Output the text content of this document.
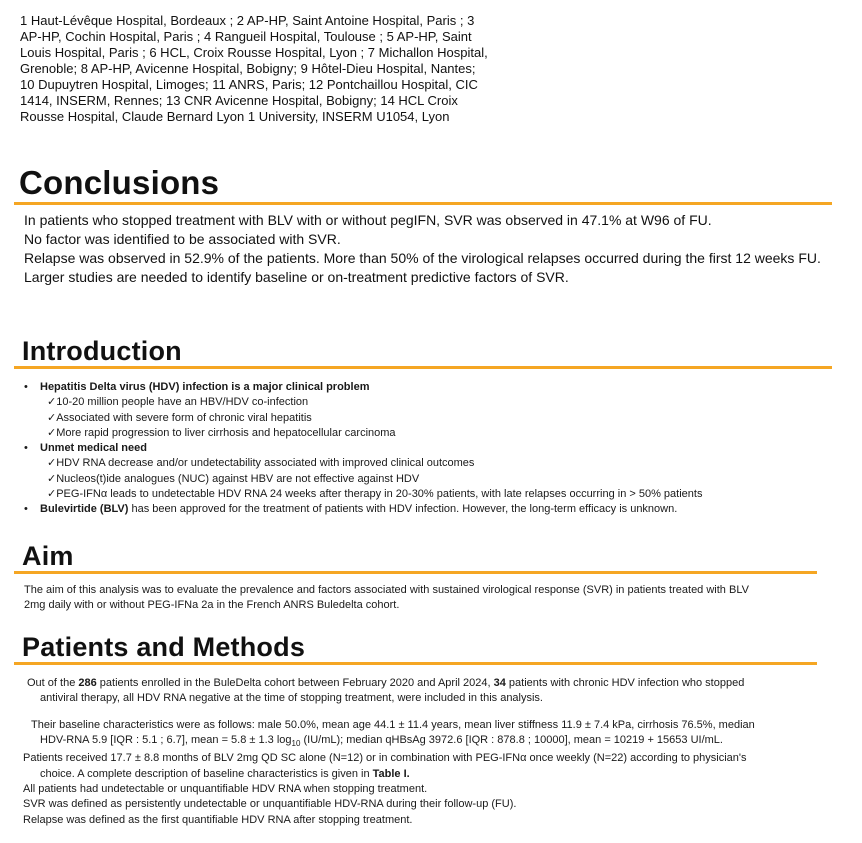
1 Haut-Lévêque Hospital, Bordeaux ; 2 AP-HP, Saint Antoine Hospital, Paris ; 3
AP-HP, Cochin Hospital, Paris ; 4 Rangueil Hospital, Toulouse ; 5 AP-HP, Saint
Louis Hospital, Paris ; 6 HCL, Croix Rousse Hospital, Lyon ; 7 Michallon Hospital,
Grenoble; 8 AP-HP, Avicenne Hospital, Bobigny; 9 Hôtel-Dieu Hospital, Nantes;
10 Dupuytren Hospital, Limoges; 11 ANRS, Paris; 12 Pontchaillou Hospital, CIC
1414, INSERM, Rennes; 13 CNR Avicenne Hospital, Bobigny; 14 HCL Croix
Rousse Hospital, Claude Bernard Lyon 1 University, INSERM U1054, Lyon
Conclusions
In patients who stopped treatment with BLV with or without pegIFN, SVR was observed in 47.1% at W96 of FU.
No factor was identified to be associated with SVR.
Relapse was observed in 52.9% of the patients. More than 50% of the virological relapses occurred during the first 12 weeks FU.
Larger studies are needed to identify baseline or on-treatment predictive factors of SVR.
Introduction
• Hepatitis Delta virus (HDV) infection is a major clinical problem
✓10-20 million people have an HBV/HDV co-infection
✓Associated with severe form of chronic viral hepatitis
✓More rapid progression to liver cirrhosis and hepatocellular carcinoma
• Unmet medical need
✓HDV RNA decrease and/or undetectability associated with improved clinical outcomes
✓Nucleos(t)ide analogues (NUC) against HBV are not effective against HDV
✓PEG-IFNα leads to undetectable HDV RNA 24 weeks after therapy in 20-30% patients, with late relapses occurring in > 50% patients
• Bulevirtide (BLV) has been approved for the treatment of patients with HDV infection. However, the long-term efficacy is unknown.
Aim
The aim of this analysis was to evaluate the prevalence and factors associated with sustained virological response (SVR) in patients treated with BLV
2mg daily with or without PEG-IFNa 2a in the French ANRS Buledelta cohort.
Patients and Methods
Out of the 286 patients enrolled in the BuleDelta cohort between February 2020 and April 2024, 34 patients with chronic HDV infection who stopped
antiviral therapy, all HDV RNA negative at the time of stopping treatment, were included in this analysis.
Their baseline characteristics were as follows: male 50.0%, mean age 44.1 ± 11.4 years, mean liver stiffness 11.9 ± 7.4 kPa, cirrhosis 76.5%, median
HDV-RNA 5.9 [IQR : 5.1 ; 6.7], mean = 5.8 ± 1.3 $\log_{10} (IU/mL)$; median qHBsAg 3972.6 [IQR : 878.8 ; 10000], mean = 10219 + 15653 UI/mL.
Patients received 17.7 ± 8.8 months of BLV 2mg QD SC alone (N=12) or in combination with PEG-IFNα once weekly (N=22) according to physician's
choice. A complete description of baseline characteristics is given in Table I.
All patients had undetectable or unquantifiable HDV RNA when stopping treatment.
SVR was defined as persistently undetectable or unquantifiable HDV-RNA during their follow-up (FU).
Relapse was defined as the first quantifiable HDV RNA after stopping treatment.
